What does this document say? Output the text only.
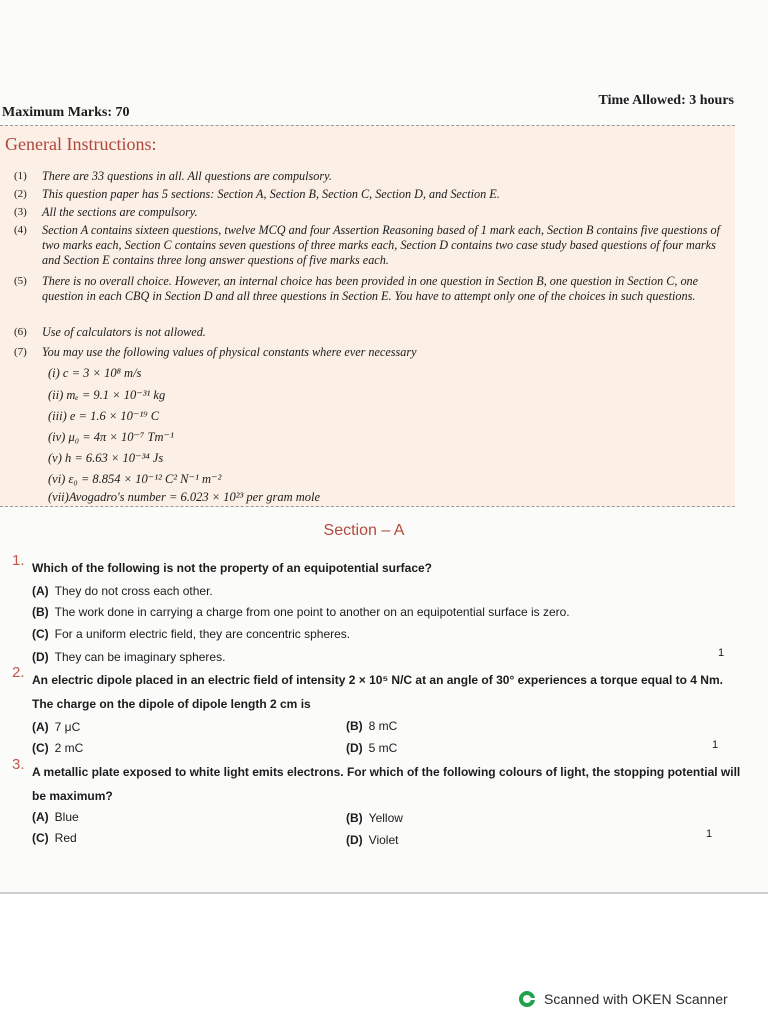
Maximum Marks: 70
Time Allowed: 3 hours
General Instructions:
(1) There are 33 questions in all. All questions are compulsory.
(2) This question paper has 5 sections: Section A, Section B, Section C, Section D, and Section E.
(3) All the sections are compulsory.
(4) Section A contains sixteen questions, twelve MCQ and four Assertion Reasoning based of 1 mark each, Section B contains five questions of two marks each, Section C contains seven questions of three marks each, Section D contains two case study based questions of four marks and Section E contains three long answer questions of five marks each.
(5) There is no overall choice. However, an internal choice has been provided in one question in Section B, one question in Section C, one question in each CBQ in Section D and all three questions in Section E. You have to attempt only one of the choices in such questions.
(6) Use of calculators is not allowed.
(7) You may use the following values of physical constants where ever necessary
(i) c = 3 × 10⁸ m/s
(ii) mₑ = 9.1 × 10⁻³¹ kg
(iii) e = 1.6 × 10⁻¹⁹ C
(iv) μ₀ = 4π × 10⁻⁷ Tm⁻¹
(v) h = 6.63 × 10⁻³⁴ Js
(vi) ε₀ = 8.854 × 10⁻¹² C² N⁻¹ m⁻²
(vii)Avogadro's number = 6.023 × 10²³ per gram mole
Section – A
1. Which of the following is not the property of an equipotential surface?
(A) They do not cross each other.
(B) The work done in carrying a charge from one point to another on an equipotential surface is zero.
(C) For a uniform electric field, they are concentric spheres.
(D) They can be imaginary spheres.	1
2. An electric dipole placed in an electric field of intensity 2 × 10⁵ N/C at an angle of 30° experiences a torque equal to 4 Nm. The charge on the dipole of dipole length 2 cm is
(A) 7 μC	(B) 8 mC
(C) 2 mC	(D) 5 mC	1
3. A metallic plate exposed to white light emits electrons. For which of the following colours of light, the stopping potential will be maximum?
(A) Blue	(B) Yellow
(C) Red	(D) Violet	1
Scanned with OKEN Scanner
